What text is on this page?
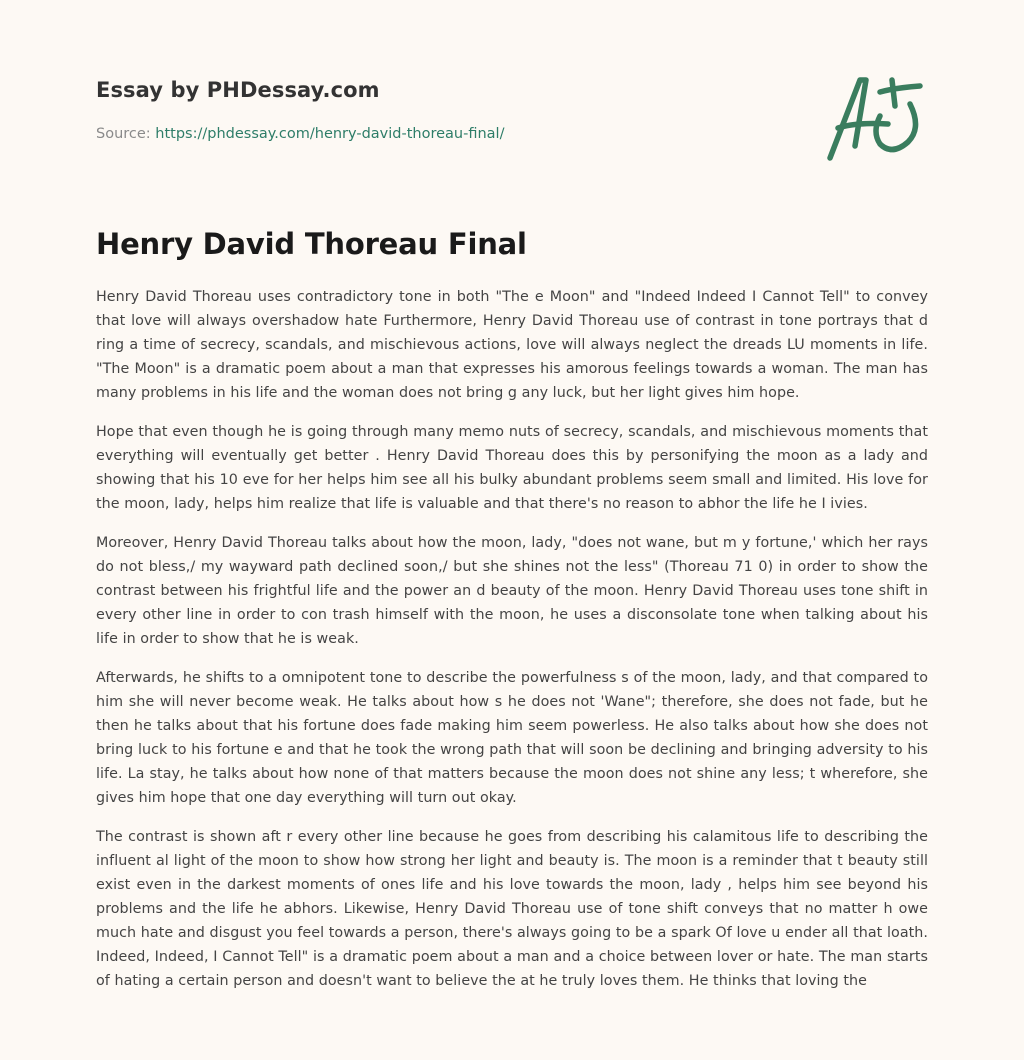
Essay by PHDessay.com
Source: https://phdessay.com/henry-david-thoreau-final/
Henry David Thoreau Final

Henry David Thoreau uses contradictory tone in both "The e Moon" and "Indeed Indeed I Cannot Tell" to convey that love will always overshadow hate Furthermore, Henry David Thoreau use of contrast in tone portrays that d ring a time of secrecy, scandals, and mischievous actions, love will always neglect the dreads LU moments in life. "The Moon" is a dramatic poem about a man that expresses his amorous feelings towards a woman. The man has many problems in his life and the woman does not bring g any luck, but her light gives him hope.

Hope that even though he is going through many memo nuts of secrecy, scandals, and mischievous moments that everything will eventually get better . Henry David Thoreau does this by personifying the moon as a lady and showing that his 10 eve for her helps him see all his bulky abundant problems seem small and limited. His love for the moon, lady, helps him realize that life is valuable and that there's no reason to abhor the life he I ivies.

Moreover, Henry David Thoreau talks about how the moon, lady, "does not wane, but m y fortune,' which her rays do not bless,/ my wayward path declined soon,/ but she shines not the less" (Thoreau 71 0) in order to show the contrast between his frightful life and the power an d beauty of the moon. Henry David Thoreau uses tone shift in every other line in order to con trash himself with the moon, he uses a disconsolate tone when talking about his life in order to show that he is weak.

Afterwards, he shifts to a omnipotent tone to describe the powerfulness s of the moon, lady, and that compared to him she will never become weak. He talks about how s he does not 'Wane"; therefore, she does not fade, but he then he talks about that his fortune does fade making him seem powerless. He also talks about how she does not bring luck to his fortune e and that he took the wrong path that will soon be declining and bringing adversity to his life. La stay, he talks about how none of that matters because the moon does not shine any less; t wherefore, she gives him hope that one day everything will turn out okay.

The contrast is shown aft r every other line because he goes from describing his calamitous life to describing the influent al light of the moon to show how strong her light and beauty is. The moon is a reminder that t beauty still exist even in the darkest moments of ones life and his love towards the moon, lady , helps him see beyond his problems and the life he abhors. Likewise, Henry David Thoreau use of tone shift conveys that no matter h owe much hate and disgust you feel towards a person, there's always going to be a spark Of love u ender all that loath. Indeed, Indeed, I Cannot Tell" is a dramatic poem about a man and a choice between lover or hate. The man starts of hating a certain person and doesn't want to believe the at he truly loves them. He thinks that loving the
